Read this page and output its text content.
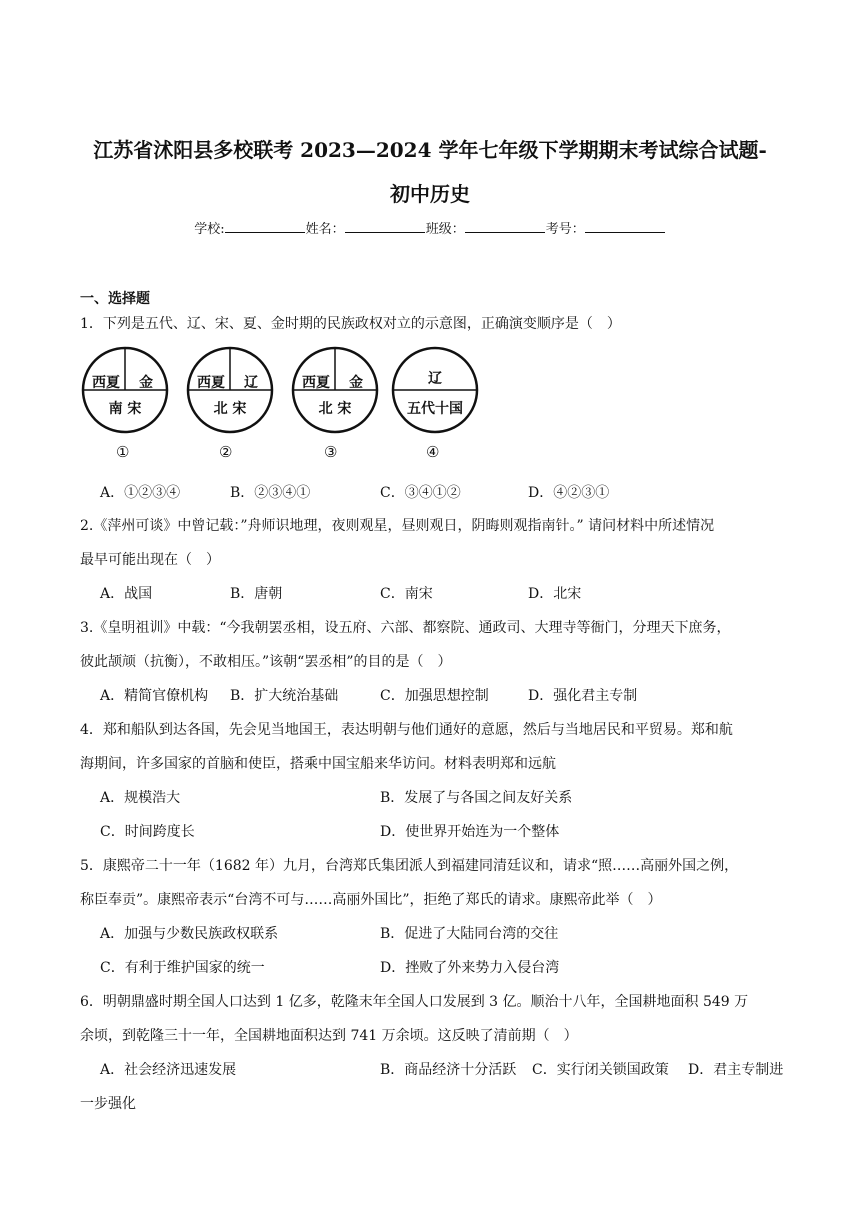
江苏省沭阳县多校联考 2023—2024 学年七年级下学期期末考试综合试题-
初中历史
学校:	姓名：	班级：	考号：
一、选择题
1．下列是五代、辽、宋、夏、金时期的民族政权对立的示意图，正确演变顺序是（　）
西夏	金
南 宋
①
西夏	辽
北 宋
②
西夏	金
北 宋
③
辽
五代十国
④
A．①②③④	B．②③④①	C．③④①②	D．④②③①
2.《萍州可谈》中曾记载：”舟师识地理，夜则观星，昼则观日，阴晦则观指南针。” 请问材料中所述情况
最早可能出现在（　）
A．战国	B．唐朝	C．南宋	D．北宋
3.《皇明祖训》中载：“今我朝罢丞相，设五府、六部、都察院、通政司、大理寺等衙门，分理天下庶务，
彼此颉颃（抗衡），不敢相压。”该朝“罢丞相”的目的是（　）
A．精简官僚机构 B．扩大统治基础	C．加强思想控制	D．强化君主专制
4．郑和船队到达各国，先会见当地国王，表达明朝与他们通好的意愿，然后与当地居民和平贸易。郑和航
海期间，许多国家的首脑和使臣，搭乘中国宝船来华访问。材料表明郑和远航
A．规模浩大	B．发展了与各国之间友好关系
C．时间跨度长	D．使世界开始连为一个整体
5．康熙帝二十一年（1682 年）九月，台湾郑氏集团派人到福建同清廷议和，请求“照……高丽外国之例，
称臣奉贡”。康熙帝表示“台湾不可与……高丽外国比”，拒绝了郑氏的请求。康熙帝此举（　）
A．加强与少数民族政权联系	B．促进了大陆同台湾的交往
C．有利于维护国家的统一	D．挫败了外来势力入侵台湾
6．明朝鼎盛时期全国人口达到 1 亿多，乾隆末年全国人口发展到 3 亿。顺治十八年，全国耕地面积 549 万
余顷，到乾隆三十一年，全国耕地面积达到 741 万余顷。这反映了清前期（　）
A．社会经济迅速发展	B．商品经济十分活跃 C．实行闭关锁国政策 D．君主专制进
一步强化
